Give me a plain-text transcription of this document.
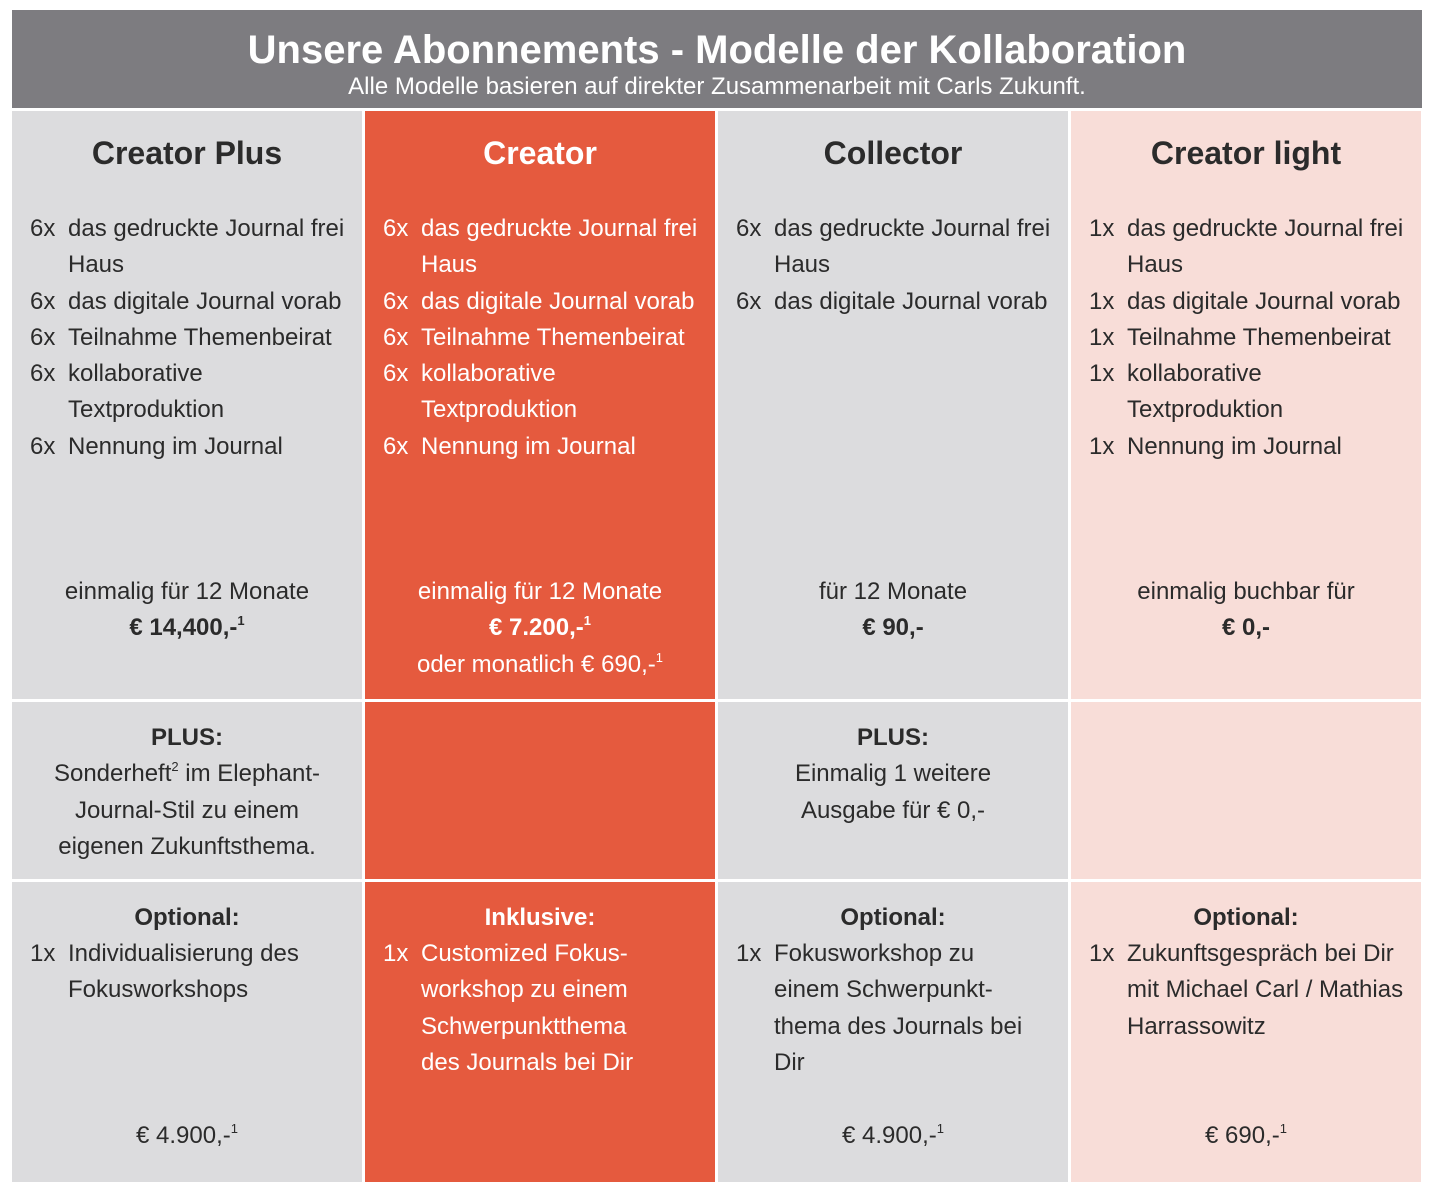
Unsere Abonnements - Modelle der Kollaboration
Alle Modelle basieren auf direkter Zusammenarbeit mit Carls Zukunft.
Creator Plus
6x das gedruckte Journal frei Haus
6x das digitale Journal vorab
6x Teilnahme Themenbeirat
6x kollaborative Textproduktion
6x Nennung im Journal
einmalig für 12 Monate
€ 14,400,-$^1$
Creator
6x das gedruckte Journal frei Haus
6x das digitale Journal vorab
6x Teilnahme Themenbeirat
6x kollaborative Textproduktion
6x Nennung im Journal
einmalig für 12 Monate
€ 7.200,-$^1$
oder monatlich € 690,-$^1$
Collector
6x das gedruckte Journal frei Haus
6x das digitale Journal vorab
für 12 Monate
€ 90,-
Creator light
1x das gedruckte Journal frei Haus
1x das digitale Journal vorab
1x Teilnahme Themenbeirat
1x kollaborative Textproduktion
1x Nennung im Journal
einmalig buchbar für
€ 0,-
PLUS:
Sonderheft$^2$ im Elephant-Journal-Stil zu einem eigenen Zukunftsthema.
PLUS:
Einmalig 1 weitere Ausgabe für € 0,-
Optional:
1x Individualisierung des Fokusworkshops
€ 4.900,-$^1$
Inklusive:
1x Customized Fokus-workshop zu einem Schwerpunktthema des Journals bei Dir
Optional:
1x Fokusworkshop zu einem Schwerpunkt-thema des Journals bei Dir
€ 4.900,-$^1$
Optional:
1x Zukunftsgespräch bei Dir mit Michael Carl / Mathias Harrassowitz
€ 690,-$^1$
